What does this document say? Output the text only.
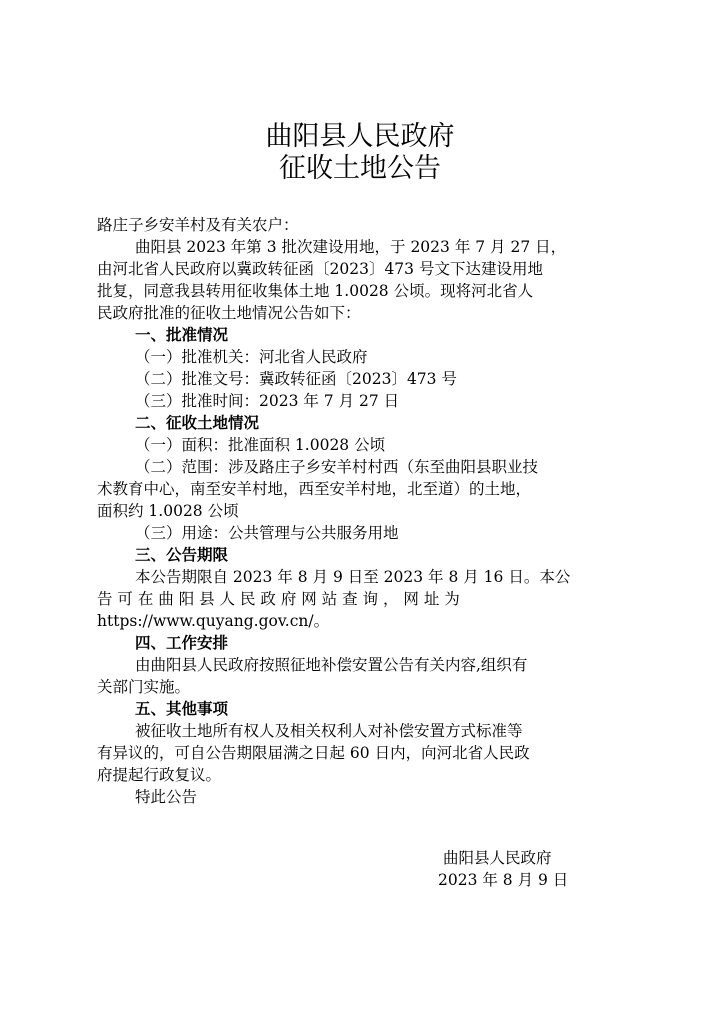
曲阳县人民政府
征收土地公告
路庄子乡安羊村及有关农户：
曲阳县 2023 年第 3 批次建设用地，于 2023 年 7 月 27 日，
由河北省人民政府以冀政转征函〔2023〕473 号文下达建设用地
批复，同意我县转用征收集体土地 1.0028 公顷。现将河北省人
民政府批准的征收土地情况公告如下：
一、批准情况
（一）批准机关：河北省人民政府
（二）批准文号：冀政转征函〔2023〕473 号
（三）批准时间：2023 年 7 月 27 日
二、征收土地情况
（一）面积：批准面积 1.0028 公顷
（二）范围：涉及路庄子乡安羊村村西（东至曲阳县职业技
术教育中心，南至安羊村地，西至安羊村地，北至道）的土地，
面积约 1.0028 公顷
（三）用途：公共管理与公共服务用地
三、公告期限
本公告期限自 2023 年 8 月 9 日至 2023 年 8 月 16 日。本公
告 可 在 曲 阳 县 人 民 政 府 网 站 查 询 ， 网 址 为
https://www.quyang.gov.cn/。
四、工作安排
由曲阳县人民政府按照征地补偿安置公告有关内容,组织有
关部门实施。
五、其他事项
被征收土地所有权人及相关权利人对补偿安置方式标准等
有异议的，可自公告期限届满之日起 60 日内，向河北省人民政
府提起行政复议。
特此公告
曲阳县人民政府
2023 年 8 月 9 日
